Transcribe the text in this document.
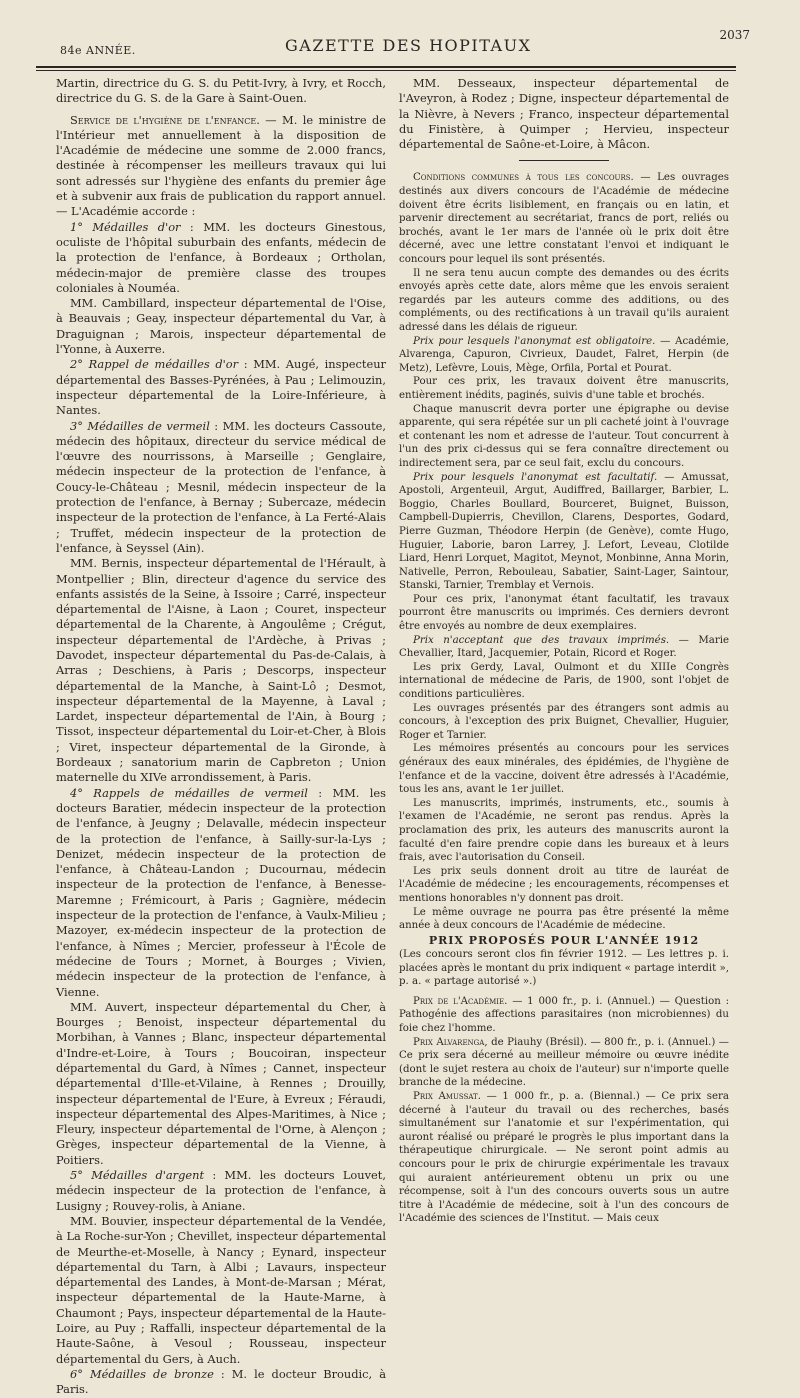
84e ANNÉE.	GAZETTE DES HOPITAUX
2037

Martin, directrice du G. S. du Petit-Ivry, à Ivry, et Rocch, directrice du G. S. de la Gare à Saint-Ouen.

Service de l'hygiène de l'enfance. — M. le ministre de l'Intérieur met annuellement à la disposition de l'Académie de médecine une somme de 2.000 francs, destinée à récompenser les meilleurs travaux qui lui sont adressés sur l'hygiène des enfants du premier âge et à subvenir aux frais de publication du rapport annuel. — L'Académie accorde :

1° Médailles d'or : MM. les docteurs Ginestous, oculiste de l'hôpital suburbain des enfants, médecin de la protection de l'enfance, à Bordeaux ; Ortholan, médecin-major de première classe des troupes coloniales à Nouméa.

MM. Cambillard, inspecteur départemental de l'Oise, à Beauvais ; Geay, inspecteur départemental du Var, à Draguignan ; Marois, inspecteur départemental de l'Yonne, à Auxerre.

2° Rappel de médailles d'or : MM. Augé, inspecteur départemental des Basses-Pyrénées, à Pau ; Lelimouzin, inspecteur départemental de la Loire-Inférieure, à Nantes.

3° Médailles de vermeil : MM. les docteurs Cassoute, médecin des hôpitaux, directeur du service médical de l'œuvre des nourrissons, à Marseille ; Genglaire, médecin inspecteur de la protection de l'enfance, à Coucy-le-Château ; Mesnil, médecin inspecteur de la protection de l'enfance, à Bernay ; Subercaze, médecin inspecteur de la protection de l'enfance, à La Ferté-Alais ; Truffet, médecin inspecteur de la protection de l'enfance, à Seyssel (Ain).

MM. Bernis, inspecteur départemental de l'Hérault, à Montpellier ; Blin, directeur d'agence du service des enfants assistés de la Seine, à Issoire ; Carré, inspecteur départemental de l'Aisne, à Laon ; Couret, inspecteur départemental de la Charente, à Angoulême ; Crégut, inspecteur départemental de l'Ardèche, à Privas ; Davodet, inspecteur départemental du Pas-de-Calais, à Arras ; Deschiens, à Paris ; Descorps, inspecteur départemental de la Manche, à Saint-Lô ; Desmot, inspecteur départemental de la Mayenne, à Laval ; Lardet, inspecteur départemental de l'Ain, à Bourg ; Tissot, inspecteur départemental du Loir-et-Cher, à Blois ; Viret, inspecteur départemental de la Gironde, à Bordeaux ; sanatorium marin de Capbreton ; Union maternelle du XIVe arrondissement, à Paris.

4° Rappels de médailles de vermeil : MM. les docteurs Baratier, médecin inspecteur de la protection de l'enfance, à Jeugny ; Delavalle, médecin inspecteur de la protection de l'enfance, à Sailly-sur-la-Lys ; Denizet, médecin inspecteur de la protection de l'enfance, à Château-Landon ; Ducournau, médecin inspecteur de la protection de l'enfance, à Benesse-Maremne ; Frémicourt, à Paris ; Gagnière, médecin inspecteur de la protection de l'enfance, à Vaulx-Milieu ; Mazoyer, ex-médecin inspecteur de la protection de l'enfance, à Nîmes ; Mercier, professeur à l'École de médecine de Tours ; Mornet, à Bourges ; Vivien, médecin inspecteur de la protection de l'enfance, à Vienne.

MM. Auvert, inspecteur départemental du Cher, à Bourges ; Benoist, inspecteur départemental du Morbihan, à Vannes ; Blanc, inspecteur départemental d'Indre-et-Loire, à Tours ; Boucoiran, inspecteur départemental du Gard, à Nîmes ; Cannet, inspecteur départemental d'Ille-et-Vilaine, à Rennes ; Drouilly, inspecteur départemental de l'Eure, à Evreux ; Féraudi, inspecteur départemental des Alpes-Maritimes, à Nice ; Fleury, inspecteur départemental de l'Orne, à Alençon ; Grèges, inspecteur départemental de la Vienne, à Poitiers.

5° Médailles d'argent : MM. les docteurs Louvet, médecin inspecteur de la protection de l'enfance, à Lusigny ; Rouvey-rolis, à Aniane.

MM. Bouvier, inspecteur départemental de la Vendée, à La Roche-sur-Yon ; Chevillet, inspecteur départemental de Meurthe-et-Moselle, à Nancy ; Eynard, inspecteur départemental du Tarn, à Albi ; Lavaurs, inspecteur départemental des Landes, à Mont-de-Marsan ; Mérat, inspecteur départemental de la Haute-Marne, à Chaumont ; Pays, inspecteur départemental de la Haute-Loire, au Puy ; Raffalli, inspecteur départemental de la Haute-Saône, à Vesoul ; Rousseau, inspecteur départemental du Gers, à Auch.

6° Médailles de bronze : M. le docteur Broudic, à Paris.

MM. Desseaux, inspecteur départemental de l'Aveyron, à Rodez ; Digne, inspecteur départemental de la Nièvre, à Nevers ; Franco, inspecteur départemental du Finistère, à Quimper ; Hervieu, inspecteur départemental de Saône-et-Loire, à Mâcon.

Conditions communes à tous les concours. — Les ouvrages destinés aux divers concours de l'Académie de médecine doivent être écrits lisiblement, en français ou en latin, et parvenir directement au secrétariat, francs de port, reliés ou brochés, avant le 1er mars de l'année où le prix doit être décerné, avec une lettre constatant l'envoi et indiquant le concours pour lequel ils sont présentés.

Il ne sera tenu aucun compte des demandes ou des écrits envoyés après cette date, alors même que les envois seraient regardés par les auteurs comme des additions, ou des compléments, ou des rectifications à un travail qu'ils auraient adressé dans les délais de rigueur.

Prix pour lesquels l'anonymat est obligatoire. — Académie, Alvarenga, Capuron, Civrieux, Daudet, Falret, Herpin (de Metz), Lefèvre, Louis, Mège, Orfila, Portal et Pourat.

Pour ces prix, les travaux doivent être manuscrits, entièrement inédits, paginés, suivis d'une table et brochés.

Chaque manuscrit devra porter une épigraphe ou devise apparente, qui sera répétée sur un pli cacheté joint à l'ouvrage et contenant les nom et adresse de l'auteur. Tout concurrent à l'un des prix ci-dessus qui se fera connaître directement ou indirectement sera, par ce seul fait, exclu du concours.

Prix pour lesquels l'anonymat est facultatif. — Amussat, Apostoli, Argenteuil, Argut, Audiffred, Baillarger, Barbier, L. Boggio, Charles Boullard, Bourceret, Buignet, Buisson, Campbell-Dupierris, Chevillon, Clarens, Desportes, Godard, Pierre Guzman, Théodore Herpin (de Genève), comte Hugo, Huguier, Laborie, baron Larrey, J. Lefort, Leveau, Clotilde Liard, Henri Lorquet, Magitot, Meynot, Monbinne, Anna Morin, Nativelle, Perron, Rebouleau, Sabatier, Saint-Lager, Saintour, Stanski, Tarnier, Tremblay et Vernois.

Pour ces prix, l'anonymat étant facultatif, les travaux pourront être manuscrits ou imprimés. Ces derniers devront être envoyés au nombre de deux exemplaires.

Prix n'acceptant que des travaux imprimés. — Marie Chevallier, Itard, Jacquemier, Potain, Ricord et Roger.

Les prix Gerdy, Laval, Oulmont et du XIIIe Congrès international de médecine de Paris, de 1900, sont l'objet de conditions particulières.

Les ouvrages présentés par des étrangers sont admis au concours, à l'exception des prix Buignet, Chevallier, Huguier, Roger et Tarnier.

Les mémoires présentés au concours pour les services généraux des eaux minérales, des épidémies, de l'hygiène de l'enfance et de la vaccine, doivent être adressés à l'Académie, tous les ans, avant le 1er juillet.

Les manuscrits, imprimés, instruments, etc., soumis à l'examen de l'Académie, ne seront pas rendus. Après la proclamation des prix, les auteurs des manuscrits auront la faculté d'en faire prendre copie dans les bureaux et à leurs frais, avec l'autorisation du Conseil.

Les prix seuls donnent droit au titre de lauréat de l'Académie de médecine ; les encouragements, récompenses et mentions honorables n'y donnent pas droit.

Le même ouvrage ne pourra pas être présenté la même année à deux concours de l'Académie de médecine.

PRIX PROPOSÉS POUR L'ANNÉE 1912

(Les concours seront clos fin février 1912. — Les lettres p. i. placées après le montant du prix indiquent « partage interdit », p. a. « partage autorisé ».)

Prix de l'Académie. — 1 000 fr., p. i. (Annuel.) — Question : Pathogénie des affections parasitaires (non microbiennes) du foie chez l'homme.

Prix Alvarenga, de Piauhy (Brésil). — 800 fr., p. i. (Annuel.) — Ce prix sera décerné au meilleur mémoire ou œuvre inédite (dont le sujet restera au choix de l'auteur) sur n'importe quelle branche de la médecine.

Prix Amussat. — 1 000 fr., p. a. (Biennal.) — Ce prix sera décerné à l'auteur du travail ou des recherches, basés simultanément sur l'anatomie et sur l'expérimentation, qui auront réalisé ou préparé le progrès le plus important dans la thérapeutique chirurgicale. — Ne seront point admis au concours pour le prix de chirurgie expérimentale les travaux qui auraient antérieurement obtenu un prix ou une récompense, soit à l'un des concours ouverts sous un autre titre à l'Académie de médecine, soit à l'un des concours de l'Académie des sciences de l'Institut. — Mais ceux
